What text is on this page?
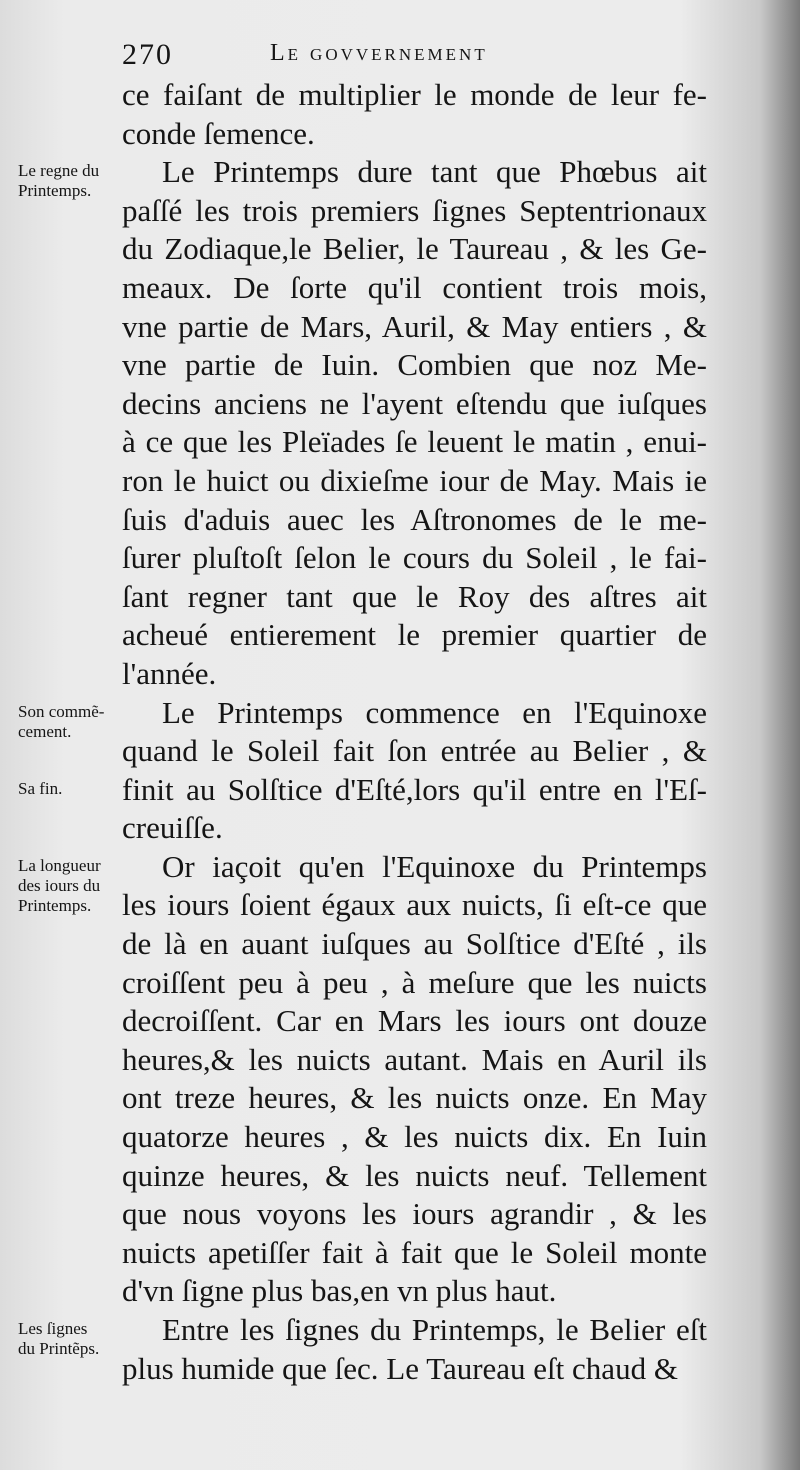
270	Le govvernement
ce faiſant de multiplier le monde de leur fe-
conde ſemence.
Le Printemps dure tant que Phœbus ait
paſſé les trois premiers ſignes Septentrionaux
du Zodiaque,le Belier, le Taureau , & les Ge-
meaux. De ſorte qu'il contient trois mois,
vne partie de Mars, Auril, & May entiers , &
vne partie de Iuin. Combien que noz Me-
decins anciens ne l'ayent eſtendu que iuſques
à ce que les Pleïades ſe leuent le matin , enui-
ron le huict ou dixieſme iour de May. Mais ie
ſuis d'aduis auec les Aſtronomes de le me-
ſurer pluſtoſt ſelon le cours du Soleil , le fai-
ſant regner tant que le Roy des aſtres ait
acheué entierement le premier quartier de
l'année.
Le Printemps commence en l'Equinoxe
quand le Soleil fait ſon entrée au Belier , &
finit au Solſtice d'Eſté,lors qu'il entre en l'Eſ-
creuiſſe.
Or iaçoit qu'en l'Equinoxe du Printemps
les iours ſoient égaux aux nuicts, ſi eſt-ce que
de là en auant iuſques au Solſtice d'Eſté , ils
croiſſent peu à peu , à meſure que les nuicts
decroiſſent. Car en Mars les iours ont douze
heures,& les nuicts autant. Mais en Auril ils
ont treze heures, & les nuicts onze. En May
quatorze heures , & les nuicts dix. En Iuin
quinze heures, & les nuicts neuf. Tellement
que nous voyons les iours agrandir , & les
nuicts apetiſſer fait à fait que le Soleil monte
d'vn ſigne plus bas,en vn plus haut.
Entre les ſignes du Printemps, le Belier eſt
plus humide que ſec. Le Taureau eſt chaud &
Le regne du
Printemps.
Son commẽ-
cement.
Sa fin.
La longueur
des iours du
Printemps.
Les ſignes
du Printẽps.
